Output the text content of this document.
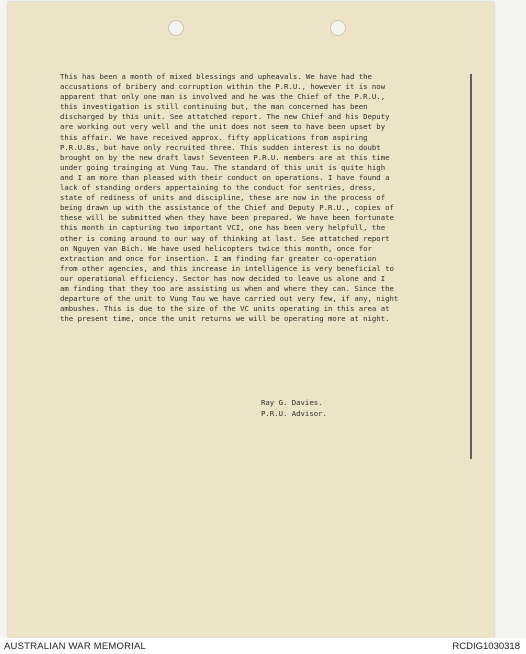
This has been a month of mixed blessings and upheavals. We have had the
accusations of bribery and corruption within the P.R.U., however it is now
apparent that only one man is involved and he was the Chief of the P.R.U.,
this investigation is still continuing but, the man concerned has been
discharged by this unit. See attatched report. The new Chief and his Deputy
are working out very well and the unit does not seem to have been upset by
this affair. We have received approx. fifty applications from aspiring
P.R.U.8s, but have only recruited three. This sudden interest is no doubt
brought on by the new draft laws! Seventeen P.R.U. members are at this time
under going trainging at Vung Tau. The standard of this unit is quite high
and I am more than pleased with their conduct on operations. I have found a
lack of standing orders appertaining to the conduct for sentries, dress,
state of rediness of units and discipline, these are now in the process of
being drawn up with the assistance of the Chief and Deputy P.R.U., copies of
these will be submitted when they have been prepared. We have been fortunate
this month in capturing two important VCI, one has been very helpfull, the
other is coming around to our way of thinking at last. See attatched report
on Nguyen van Bich. We have used helicopters twice this month, once for
extraction and once for insertion. I am finding far greater co-operation
from other agencies, and this increase in intelligence is very beneficial to
our operational efficiency. Sector has now decided to leave us alone and I
am finding that they too are assisting us when and where they can. Since the
departure of the unit to Vung Tau we have carried out very few, if any, night
ambushes. This is due to the size of the VC units operating in this area at
the present time, once the unit returns we will be operating more at night.
Ray G. Davies.
P.R.U. Advisor.
AUSTRALIAN WAR MEMORIAL	RCDIG1030318
